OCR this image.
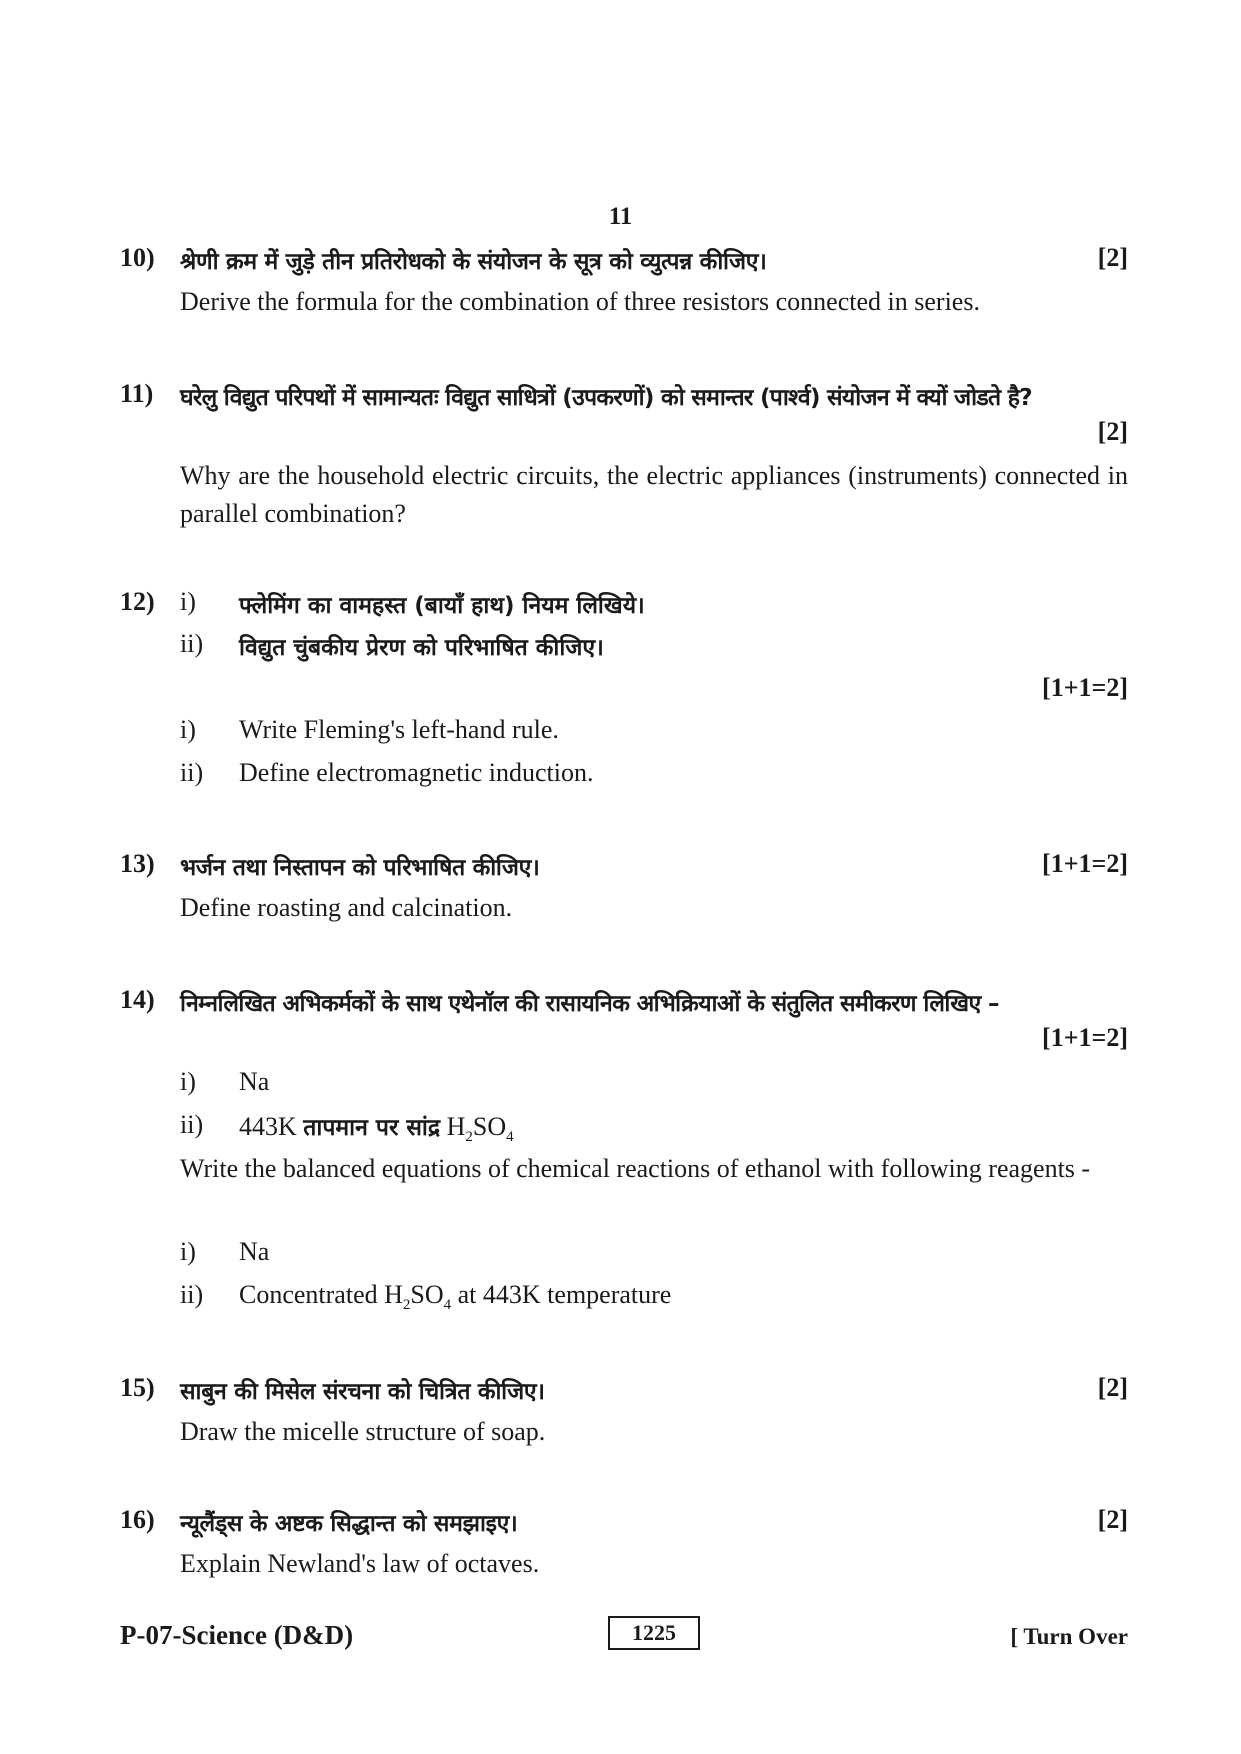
11
10) श्रेणी क्रम में जुड़े तीन प्रतिरोधको के संयोजन के सूत्र को व्युत्पन्न कीजिए।	[2]
Derive the formula for the combination of three resistors connected in series.
11) घरेलु विद्युत परिपथों में सामान्यतः विद्युत साधित्रों (उपकरणों) को समान्तर (पार्श्व) संयोजन में क्यों जोडते है?
[2]
Why are the household electric circuits, the electric appliances (instruments) connected in parallel combination?
12) i) फ्लेमिंग का वामहस्त (बायाँ हाथ) नियम लिखिये।
ii) विद्युत चुंबकीय प्रेरण को परिभाषित कीजिए।
[1+1=2]
i) Write Fleming's left-hand rule.
ii) Define electromagnetic induction.
13) भर्जन तथा निस्तापन को परिभाषित कीजिए।	[1+1=2]
Define roasting and calcination.
14) निम्नलिखित अभिकर्मकों के साथ एथेनॉल की रासायनिक अभिक्रियाओं के संतुलित समीकरण लिखिए –
[1+1=2]
i) Na
ii) 443K तापमान पर सांद्र $H_2SO_4$
Write the balanced equations of chemical reactions of ethanol with following reagents -
i) Na
ii) Concentrated $H_2SO_4$ at 443K temperature
15) साबुन की मिसेल संरचना को चित्रित कीजिए।	[2]
Draw the micelle structure of soap.
16) न्यूलैंड्स के अष्टक सिद्धान्त को समझाइए।	[2]
Explain Newland's law of octaves.
P-07-Science (D&D)	1225	[ Turn Over
